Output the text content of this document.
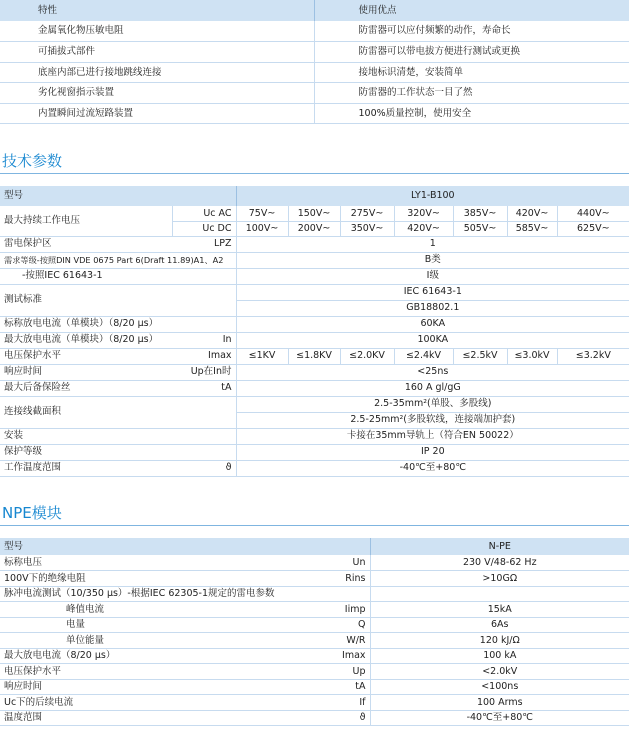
特性	使用优点
金属氧化物压敏电阻	防雷器可以应付频繁的动作，寿命长
可插拔式部件	防雷器可以带电拔方便进行测试或更换
底座内部已进行接地跳线连接	接地标识清楚，安装简单
劣化视窗指示装置	防雷器的工作状态一目了然
内置瞬间过流短路装置	100%质量控制，使用安全
技术参数
型号		LY1-B100						
最大持续工作电压	Uc AC	75V~	150V~	275V~	320V~	385V~	420V~	440V~
	Uc DC	100V~	200V~	350V~	420V~	505V~	585V~	625V~
雷电保护区	LPZ	1						
需求等级-按照DIN VDE 0675 Part 6(Draft 11.89)A1、A2		B类						
-按照IEC 61643-1		I级						
测试标准		IEC 61643-1						
		GB18802.1						
标称放电电流（单模块）（8/20 μs）		60KA						
最大放电电流（单模块）（8/20 μs）	In	100KA						
电压保护水平	Imax	≤1KV	≤1.8KV	≤2.0KV	≤2.4kV	≤2.5kV	≤3.0kV	≤3.2kV
响应时间	Up在In时	<25ns						
最大后备保险丝	tA	160 A gl/gG						
连接线截面积		2.5-35mm²(单股、多股线)						
		2.5-25mm²(多股软线，连接端加护套)						
安装		卡接在35mm导轨上（符合EN 50022）						
保护等级		IP 20						
工作温度范围	ϑ	-40℃至+80℃						
NPE模块
型号		N-PE
标称电压	Un	230 V/48-62 Hz
100V下的绝缘电阻	Rins	>10GΩ
脉冲电流测试（10/350 μs）-根据IEC 62305-1规定的雷电参数		
峰值电流	Iimp	15kA
电量	Q	6As
单位能量	W/R	120 kJ/Ω
最大放电电流（8/20 μs）	Imax	100 kA
电压保护水平	Up	<2.0kV
响应时间	tA	<100ns
Uc下的后续电流	If	100 Arms
温度范围	ϑ	-40℃至+80℃
